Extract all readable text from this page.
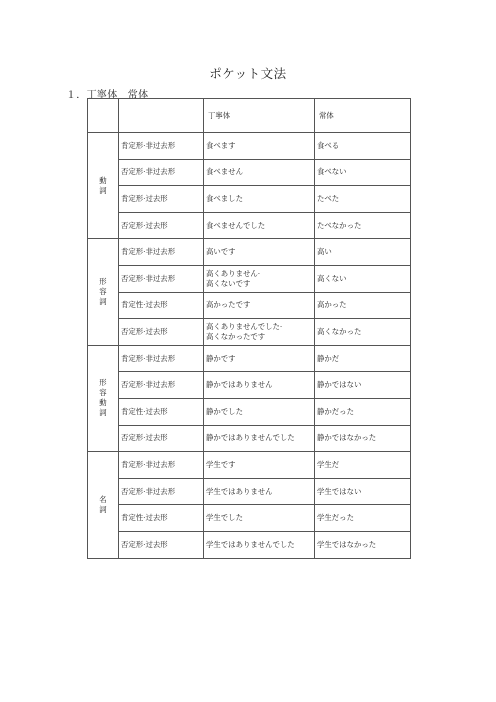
ポケット文法
１．丁寧体　常体
		丁寧体	常体

動
詞	肯定形·非过去形	食べます	食べる
	否定形·非过去形	食べません	食べない
	肯定形·过去形	食べました	たべた
	否定形·过去形	食べませんでした	たべなかった

形
容
詞	肯定形·非过去形	高いです	高い
	否定形·非过去形	高くありません·
高くないです	高くない
	肯定性·过去形	高かったです	高かった
	否定形·过去形	高くありませんでした·
高くなかったです	高くなかった

形
容
動
詞	肯定形·非过去形	静かです	静かだ
	否定形·非过去形	静かではありません	静かではない
	肯定性·过去形	静かでした	静かだった
	否定形·过去形	静かではありませんでした	静かではなかった

名
詞	肯定形·非过去形	学生です	学生だ
	否定形·非过去形	学生ではありません	学生ではない
	肯定性·过去形	学生でした	学生だった
	否定形·过去形	学生ではありませんでした	学生ではなかった
